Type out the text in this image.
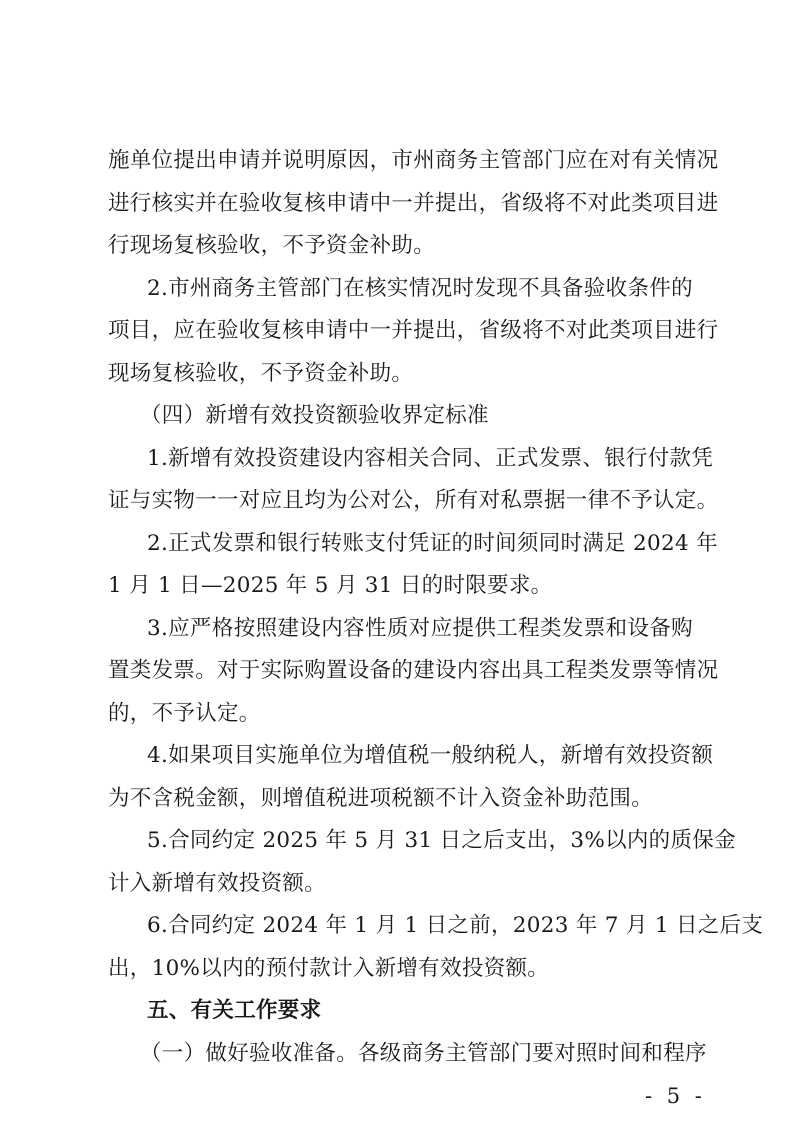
施单位提出申请并说明原因，市州商务主管部门应在对有关情况
进行核实并在验收复核申请中一并提出，省级将不对此类项目进
行现场复核验收，不予资金补助。
2.市州商务主管部门在核实情况时发现不具备验收条件的
项目，应在验收复核申请中一并提出，省级将不对此类项目进行
现场复核验收，不予资金补助。
（四）新增有效投资额验收界定标准
1.新增有效投资建设内容相关合同、正式发票、银行付款凭
证与实物一一对应且均为公对公，所有对私票据一律不予认定。
2.正式发票和银行转账支付凭证的时间须同时满足 2024 年
1 月 1 日—2025 年 5 月 31 日的时限要求。
3.应严格按照建设内容性质对应提供工程类发票和设备购
置类发票。对于实际购置设备的建设内容出具工程类发票等情况
的，不予认定。
4.如果项目实施单位为增值税一般纳税人，新增有效投资额
为不含税金额，则增值税进项税额不计入资金补助范围。
5.合同约定 2025 年 5 月 31 日之后支出，3%以内的质保金
计入新增有效投资额。
6.合同约定 2024 年 1 月 1 日之前，2023 年 7 月 1 日之后支
出，10%以内的预付款计入新增有效投资额。
五、有关工作要求
（一）做好验收准备。各级商务主管部门要对照时间和程序
- 5 -
